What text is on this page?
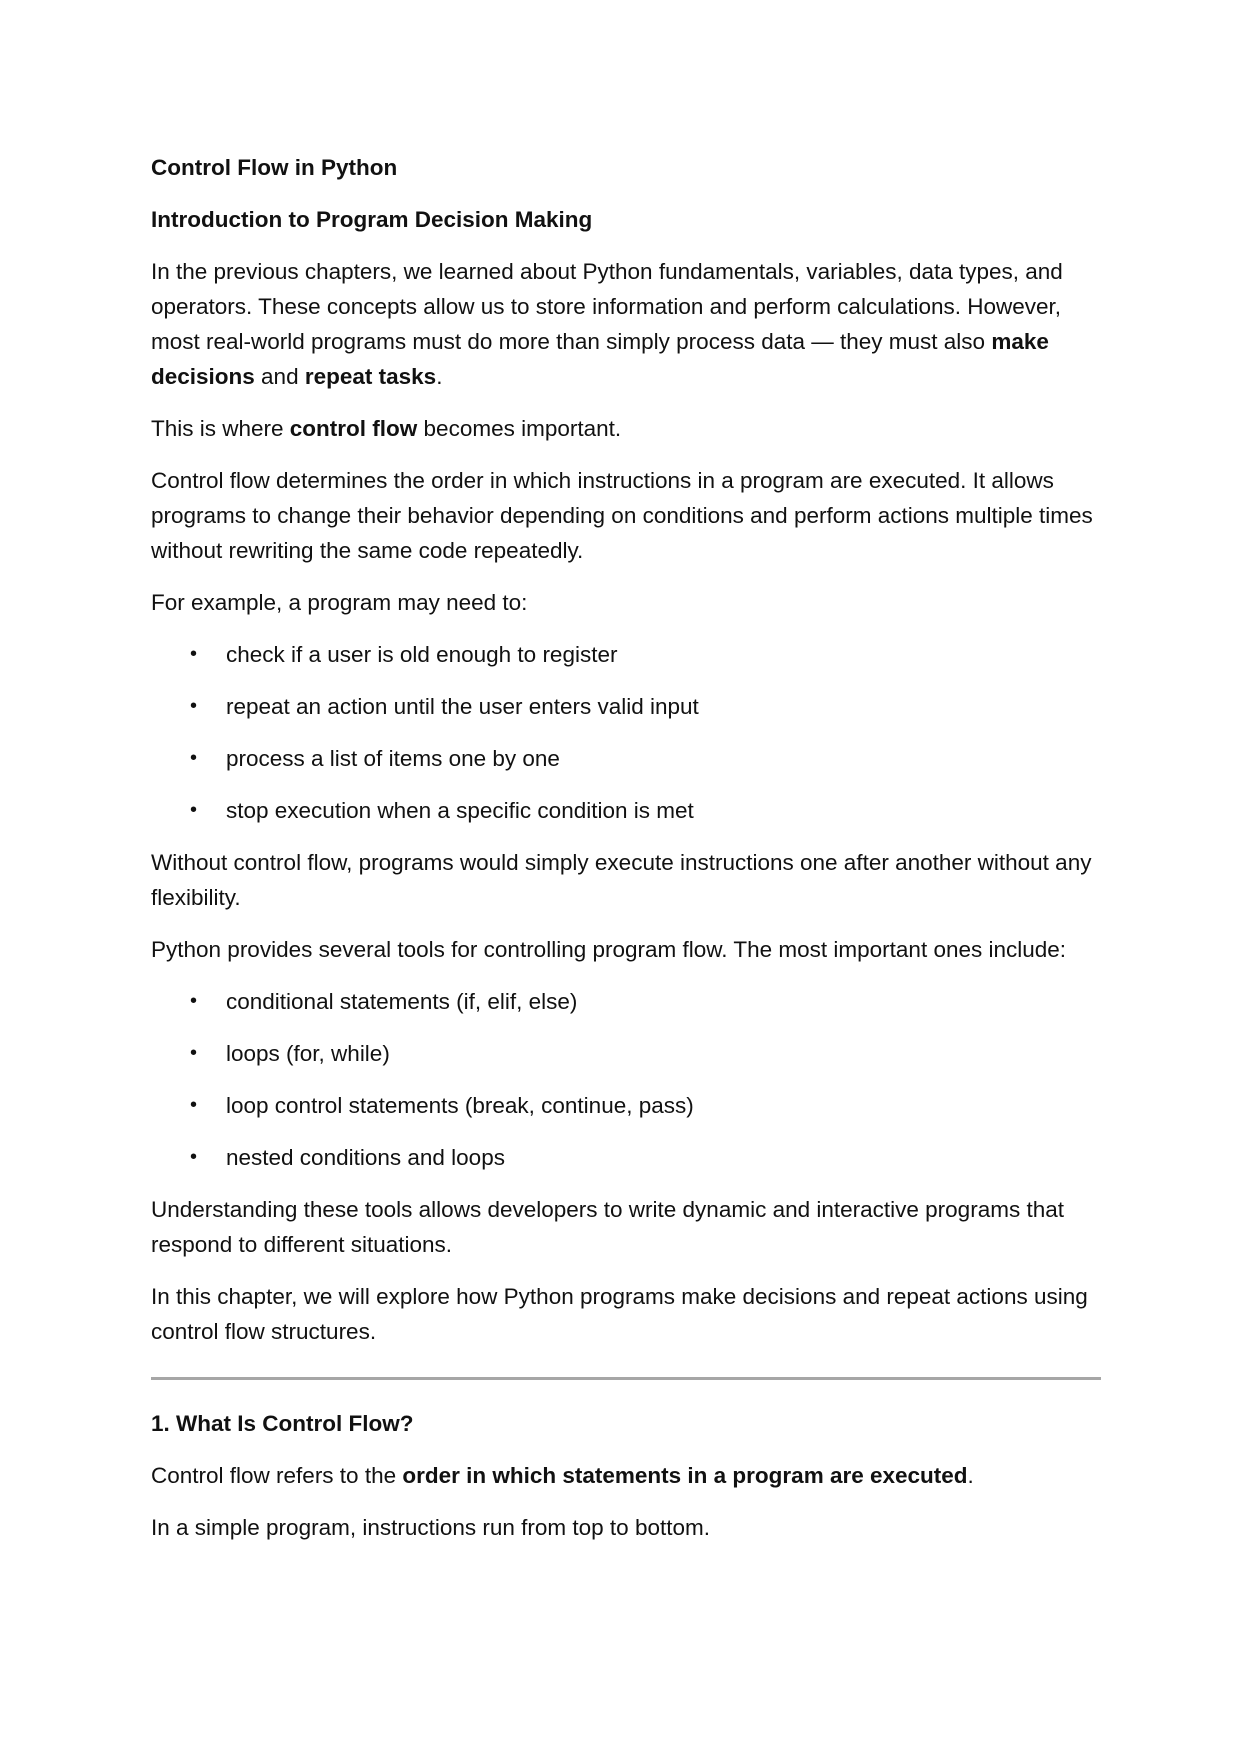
Control Flow in Python

Introduction to Program Decision Making

In the previous chapters, we learned about Python fundamentals, variables, data types, and operators. These concepts allow us to store information and perform calculations. However, most real-world programs must do more than simply process data — they must also make decisions and repeat tasks.

This is where control flow becomes important.

Control flow determines the order in which instructions in a program are executed. It allows programs to change their behavior depending on conditions and perform actions multiple times without rewriting the same code repeatedly.

For example, a program may need to:

• check if a user is old enough to register
• repeat an action until the user enters valid input
• process a list of items one by one
• stop execution when a specific condition is met

Without control flow, programs would simply execute instructions one after another without any flexibility.

Python provides several tools for controlling program flow. The most important ones include:

• conditional statements (if, elif, else)
• loops (for, while)
• loop control statements (break, continue, pass)
• nested conditions and loops

Understanding these tools allows developers to write dynamic and interactive programs that respond to different situations.

In this chapter, we will explore how Python programs make decisions and repeat actions using control flow structures.

1. What Is Control Flow?

Control flow refers to the order in which statements in a program are executed.

In a simple program, instructions run from top to bottom.
